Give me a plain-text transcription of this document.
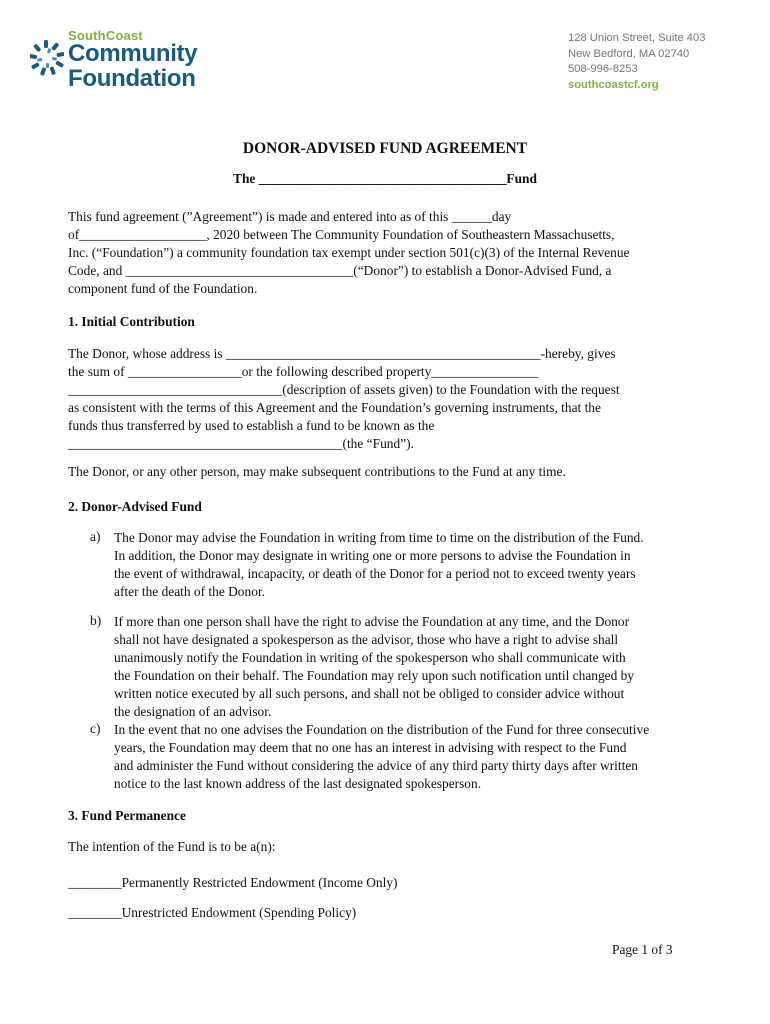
SouthCoast
Community
Foundation
128 Union Street, Suite 403
New Bedford, MA 02740
508-996-8253
southcoastcf.org
DONOR-ADVISED FUND AGREEMENT
The _____________________________________Fund
This fund agreement (”Agreement”) is made and entered into as of this ______day
of___________________, 2020 between The Community Foundation of Southeastern Massachusetts,
Inc. (“Foundation”) a community foundation tax exempt under section 501(c)(3) of the Internal Revenue
Code, and __________________________________(“Donor”) to establish a Donor-Advised Fund, a
component fund of the Foundation.
1. Initial Contribution
The Donor, whose address is _______________________________________________-hereby, gives
the sum of _________________or the following described property________________
________________________________(description of assets given) to the Foundation with the request
as consistent with the terms of this Agreement and the Foundation’s governing instruments, that the
funds thus transferred by used to establish a fund to be known as the
_________________________________________(the “Fund”).
The Donor, or any other person, may make subsequent contributions to the Fund at any time.
2. Donor-Advised Fund
a) The Donor may advise the Foundation in writing from time to time on the distribution of the Fund.
In addition, the Donor may designate in writing one or more persons to advise the Foundation in
the event of withdrawal, incapacity, or death of the Donor for a period not to exceed twenty years
after the death of the Donor.
b) If more than one person shall have the right to advise the Foundation at any time, and the Donor
shall not have designated a spokesperson as the advisor, those who have a right to advise shall
unanimously notify the Foundation in writing of the spokesperson who shall communicate with
the Foundation on their behalf. The Foundation may rely upon such notification until changed by
written notice executed by all such persons, and shall not be obliged to consider advice without
the designation of an advisor.
c) In the event that no one advises the Foundation on the distribution of the Fund for three consecutive
years, the Foundation may deem that no one has an interest in advising with respect to the Fund
and administer the Fund without considering the advice of any third party thirty days after written
notice to the last known address of the last designated spokesperson.
3. Fund Permanence
The intention of the Fund is to be a(n):
________Permanently Restricted Endowment (Income Only)
________Unrestricted Endowment (Spending Policy)
Page 1 of 3
